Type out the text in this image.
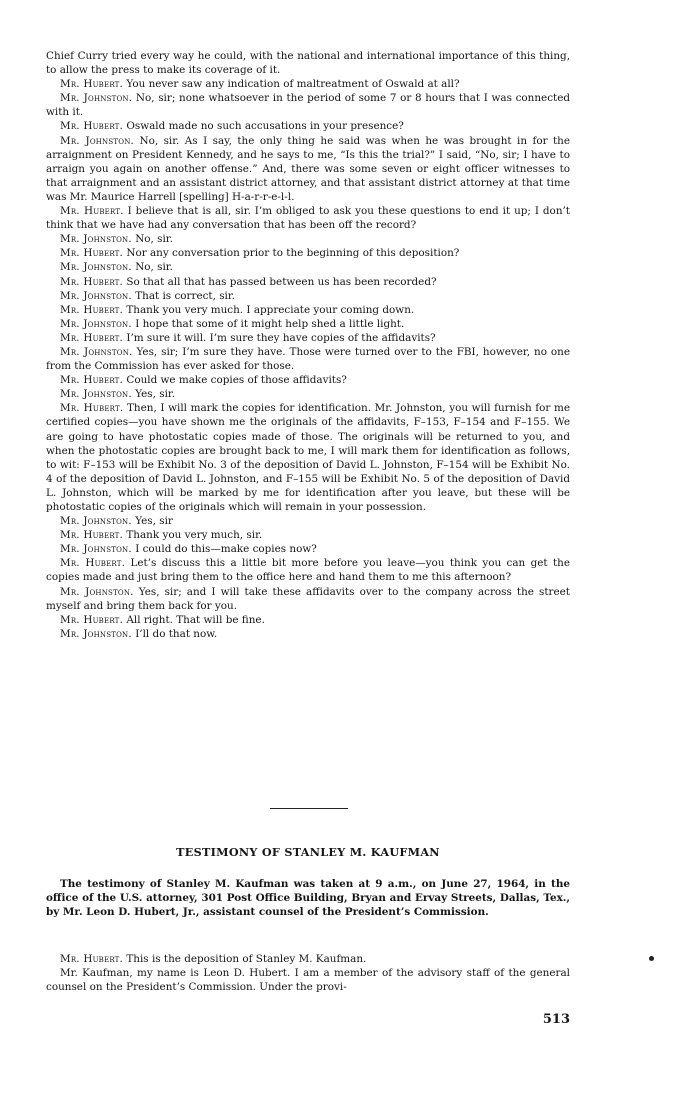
Chief Curry tried every way he could, with the national and international importance of this thing, to allow the press to make its coverage of it.

Mr. Hubert. You never saw any indication of maltreatment of Oswald at all?

Mr. Johnston. No, sir; none whatsoever in the period of some 7 or 8 hours that I was connected with it.

Mr. Hubert. Oswald made no such accusations in your presence?

Mr. Johnston. No, sir. As I say, the only thing he said was when he was brought in for the arraignment on President Kennedy, and he says to me, “Is this the trial?” I said, “No, sir; I have to arraign you again on another offense.” And, there was some seven or eight officer witnesses to that arraignment and an assistant district attorney, and that assistant district attorney at that time was Mr. Maurice Harrell [spelling] H-a-r-r-e-l-l.

Mr. Hubert. I believe that is all, sir. I’m obliged to ask you these questions to end it up; I don’t think that we have had any conversation that has been off the record?

Mr. Johnston. No, sir.

Mr. Hubert. Nor any conversation prior to the beginning of this deposition?

Mr. Johnston. No, sir.

Mr. Hubert. So that all that has passed between us has been recorded?

Mr. Johnston. That is correct, sir.

Mr. Hubert. Thank you very much. I appreciate your coming down.

Mr. Johnston. I hope that some of it might help shed a little light.

Mr. Hubert. I’m sure it will. I’m sure they have copies of the affidavits?

Mr. Johnston. Yes, sir; I’m sure they have. Those were turned over to the FBI, however, no one from the Commission has ever asked for those.

Mr. Hubert. Could we make copies of those affidavits?

Mr. Johnston. Yes, sir.

Mr. Hubert. Then, I will mark the copies for identification. Mr. Johnston, you will furnish for me certified copies—you have shown me the originals of the affidavits, F–153, F–154 and F–155. We are going to have photostatic copies made of those. The originals will be returned to you, and when the photostatic copies are brought back to me, I will mark them for identification as follows, to wit: F–153 will be Exhibit No. 3 of the deposition of David L. Johnston, F–154 will be Exhibit No. 4 of the deposition of David L. Johnston, and F–155 will be Exhibit No. 5 of the deposition of David L. Johnston, which will be marked by me for identification after you leave, but these will be photostatic copies of the originals which will remain in your possession.

Mr. Johnston. Yes, sir

Mr. Hubert. Thank you very much, sir.

Mr. Johnston. I could do this—make copies now?

Mr. Hubert. Let’s discuss this a little bit more before you leave—you think you can get the copies made and just bring them to the office here and hand them to me this afternoon?

Mr. Johnston. Yes, sir; and I will take these affidavits over to the company across the street myself and bring them back for you.

Mr. Hubert. All right. That will be fine.

Mr. Johnston. I’ll do that now.

TESTIMONY OF STANLEY M. KAUFMAN

The testimony of Stanley M. Kaufman was taken at 9 a.m., on June 27, 1964, in the office of the U.S. attorney, 301 Post Office Building, Bryan and Ervay Streets, Dallas, Tex., by Mr. Leon D. Hubert, Jr., assistant counsel of the President’s Commission.

Mr. Hubert. This is the deposition of Stanley M. Kaufman.

Mr. Kaufman, my name is Leon D. Hubert. I am a member of the advisory staff of the general counsel on the President’s Commission. Under the provi-

513
